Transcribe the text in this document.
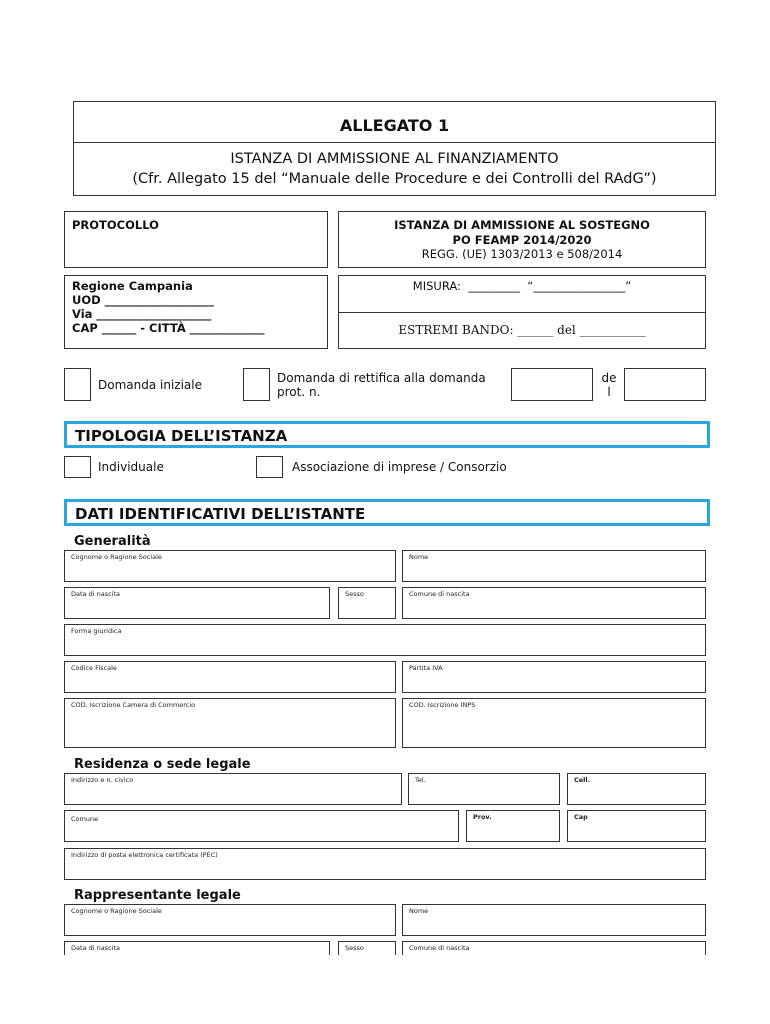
ALLEGATO 1
ISTANZA DI AMMISSIONE AL FINANZIAMENTO
(Cfr. Allegato 15 del “Manuale delle Procedure e dei Controlli del RAdG”)
PROTOCOLLO	ISTANZA DI AMMISSIONE AL SOSTEGNO
PO FEAMP 2014/2020
REGG. (UE) 1303/2013 e 508/2014
Regione Campania
UOD ___________________
Via ____________________
CAP ______ - CITTÀ _____________
MISURA:  _________  “________________”
ESTREMI BANDO: ______ del ___________
Domanda iniziale	Domanda di rettifica alla domanda
prot. n.
de
l
TIPOLOGIA DELL’ISTANZA
Individuale	Associazione di imprese / Consorzio
DATI IDENTIFICATIVI DELL’ISTANTE
Generalità
Cognome o Ragione Sociale	Nome
Data di nascita	Sesso	Comune di nascita
Forma giuridica
Codice Fiscale	Partita IVA
COD. Iscrizione Camera di Commercio	COD. Iscrizione INPS
Residenza o sede legale
Indirizzo e n. civico	Tel.	Cell.
Comune	Prov.	Cap
Indirizzo di posta elettronica certificata (PEC)
Rappresentante legale
Cognome o Ragione Sociale	Nome
Data di nascita	Sesso	Comune di nascita
